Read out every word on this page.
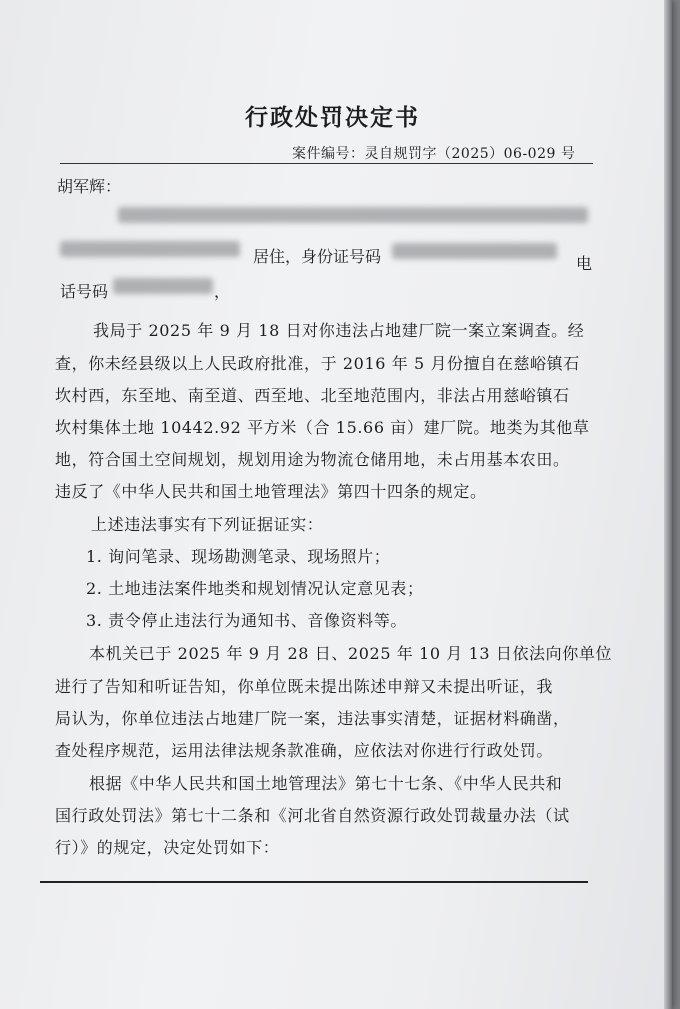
行政处罚决定书
案件编号：灵自规罚字（2025）06-029 号
胡军辉：
居住，身份证号码	电
话号码	，
我局于 2025 年 9 月 18 日对你违法占地建厂院一案立案调查。经
查，你未经县级以上人民政府批准，于 2016 年 5 月份擅自在慈峪镇石
坎村西，东至地、南至道、西至地、北至地范围内，非法占用慈峪镇石
坎村集体土地 10442.92 平方米（合 15.66 亩）建厂院。地类为其他草
地，符合国土空间规划，规划用途为物流仓储用地，未占用基本农田。
违反了《中华人民共和国土地管理法》第四十四条的规定。
上述违法事实有下列证据证实：
1. 询问笔录、现场勘测笔录、现场照片；
2. 土地违法案件地类和规划情况认定意见表；
3. 责令停止违法行为通知书、音像资料等。
本机关已于 2025 年 9 月 28 日、2025 年 10 月 13 日依法向你单位
进行了告知和听证告知，你单位既未提出陈述申辩又未提出听证，我
局认为，你单位违法占地建厂院一案，违法事实清楚，证据材料确凿，
查处程序规范，运用法律法规条款准确，应依法对你进行行政处罚。
根据《中华人民共和国土地管理法》第七十七条、《中华人民共和
国行政处罚法》第七十二条和《河北省自然资源行政处罚裁量办法（试
行）》的规定，决定处罚如下：
